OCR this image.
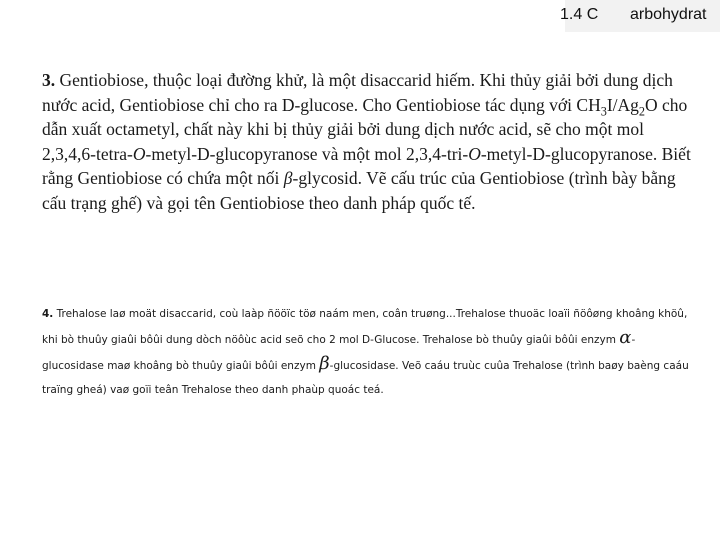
1.4 C arbohydrat
3. Gentiobiose, thuộc loại đường khử, là một disaccarid hiếm. Khi thủy giải bởi dung dịch nước acid, Gentiobiose chỉ cho ra D-glucose. Cho Gentiobiose tác dụng với $CH_3I/Ag_2O$ cho dẫn xuất octametyl, chất này khi bị thủy giải bởi dung dịch nước acid, sẽ cho một mol 2,3,4,6-tetra-O-metyl-D-glucopyranose và một mol 2,3,4-tri-O-metyl-D-glucopyranose. Biết rằng Gentiobiose có chứa một nối β-glycosid. Vẽ cấu trúc của Gentiobiose (trình bày bằng cấu trạng ghế) và gọi tên Gentiobiose theo danh pháp quốc tế.
4. Trehalose laø moät disaccarid, coù laàp ñööïc töø naám men, coân truøng...Trehalose thuoäc loaïi ñöôøng khoâng khöû, khi bò thuûy giaûi bôûi dung dòch nöôùc acid seõ cho 2 mol D-Glucose. Trehalose bò thuûy giaûi bôûi enzym α-glucosidase maø khoâng bò thuûy giaûi bôûi enzym β-glucosidase. Veõ caáu truùc cuûa Trehalose (trình baøy baèng caáu traïng gheá) vaø goïi teân Trehalose theo danh phaùp quoác teá.
